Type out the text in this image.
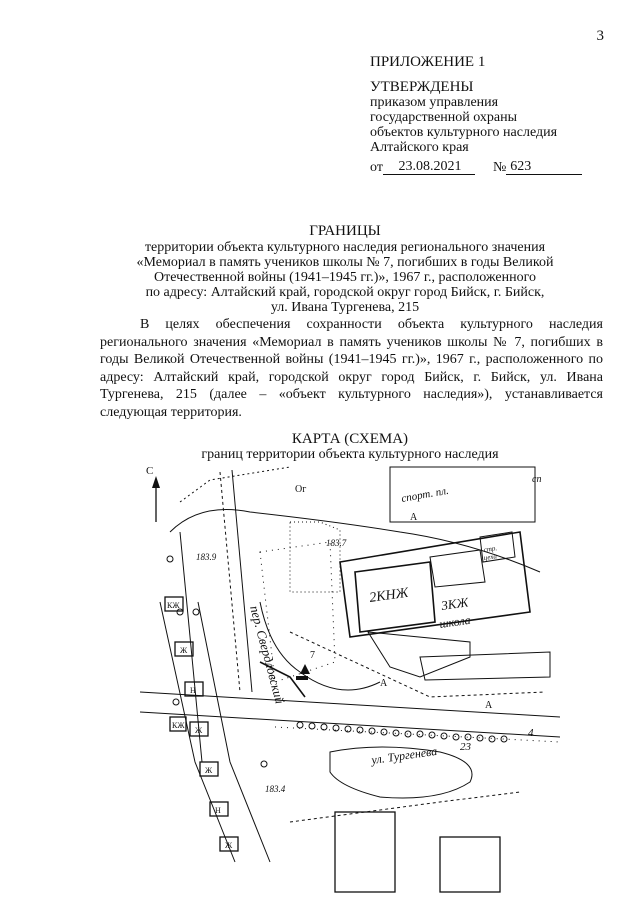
3
ПРИЛОЖЕНИЕ 1
УТВЕРЖДЕНЫ
приказом управления
государственной охраны
объектов культурного наследия
Алтайского края
от	23.08.2021	№ 623
ГРАНИЦЫ
территории объекта культурного наследия регионального значения
«Мемориал в память учеников школы № 7, погибших в годы Великой
Отечественной войны (1941–1945 гг.)», 1967 г., расположенного
по адресу: Алтайский край, городской округ город Бийск, г. Бийск,
ул. Ивана Тургенева, 215
В целях обеспечения сохранности объекта культурного наследия регионального значения «Мемориал в память учеников школы № 7, погибших в годы Великой Отечественной войны (1941–1945 гг.)», 1967 г., расположенного по адресу: Алтайский край, городской округ город Бийск, г. Бийск, ул. Ивана Тургенева, 215 (далее – «объект культурного наследия»), устанавливается следующая территория.
КАРТА (СХЕМА)
границ территории объекта культурного наследия
С
Ог
сп
спорт. пл.
А
183.7
183.9
183.4
2КНЖ 3КЖ
школа
стр.
цеха
пер. Свердловский
ул. Тургенева 23
4
7
А
А
КЖ
Ж
Н
Ж
Ж
Н
Ж
КЖ
